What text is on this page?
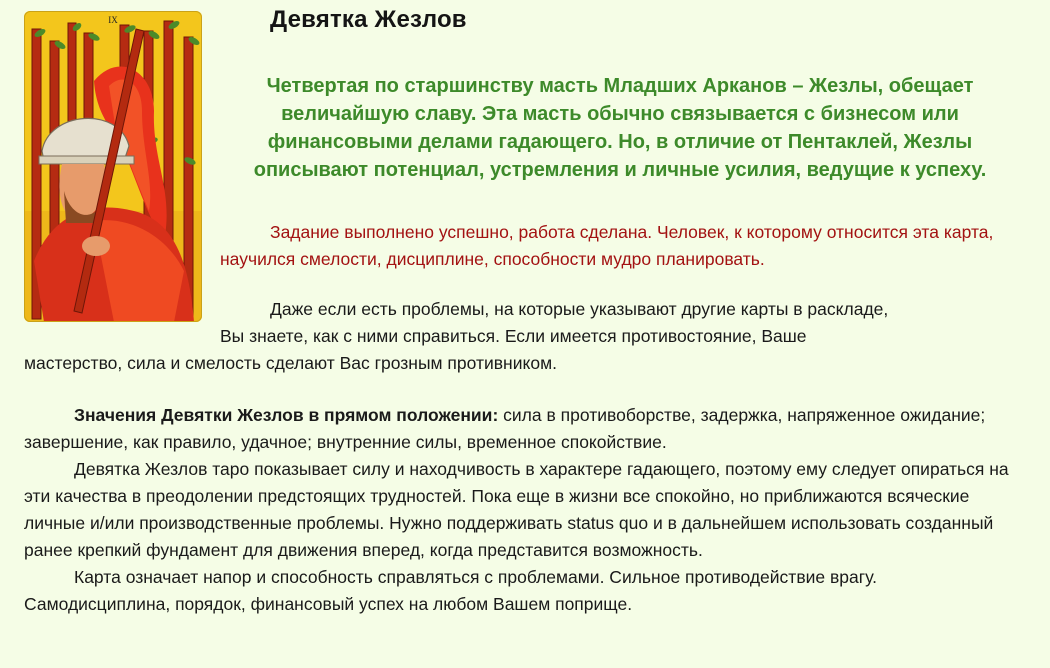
IX	Девятка Жезлов

Четвертая по старшинству масть Младших Арканов – Жезлы, обещает
величайшую славу. Эта масть обычно связывается с бизнесом или
финансовыми делами гадающего. Но, в отличие от Пентаклей, Жезлы
описывают потенциал, устремления и личные усилия, ведущие к успеху.

Задание выполнено успешно, работа сделана. Человек, к которому относится эта карта, научился смелости, дисциплине, способности мудро планировать.

Даже если есть проблемы, на которые указывают другие карты в раскладе,
Вы знаете, как с ними справиться. Если имеется противостояние, Ваше
мастерство, сила и смелость сделают Вас грозным противником.

Значения Девятки Жезлов в прямом положении: сила в противоборстве, задержка, напряженное ожидание; завершение, как правило, удачное; внутренние силы, временное спокойствие.

Девятка Жезлов таро показывает силу и находчивость в характере гадающего, поэтому ему следует опираться на эти качества в преодолении предстоящих трудностей. Пока еще в жизни все спокойно, но приближаются всяческие личные и/или производственные проблемы. Нужно поддерживать status quo и в дальнейшем использовать созданный ранее крепкий фундамент для движения вперед, когда представится возможность.

Карта означает напор и способность справляться с проблемами. Сильное противодействие врагу. Самодисциплина, порядок, финансовый успех на любом Вашем поприще.
